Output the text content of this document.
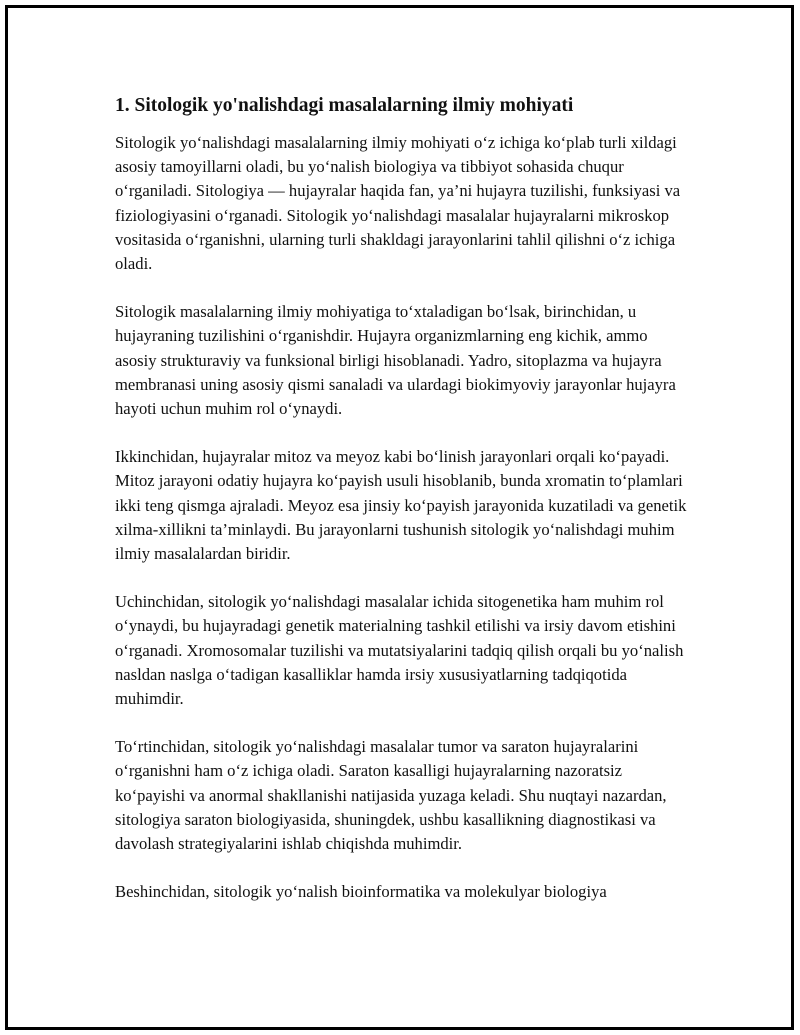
1. Sitologik yo'nalishdagi masalalarning ilmiy mohiyati

Sitologik yo‘nalishdagi masalalarning ilmiy mohiyati o‘z ichiga ko‘plab turli xildagi asosiy tamoyillarni oladi, bu yo‘nalish biologiya va tibbiyot sohasida chuqur o‘rganiladi. Sitologiya — hujayralar haqida fan, ya’ni hujayra tuzilishi, funksiyasi va fiziologiyasini o‘rganadi. Sitologik yo‘nalishdagi masalalar hujayralarni mikroskop vositasida o‘rganishni, ularning turli shakldagi jarayonlarini tahlil qilishni o‘z ichiga oladi.

Sitologik masalalarning ilmiy mohiyatiga to‘xtaladigan bo‘lsak, birinchidan, u hujayraning tuzilishini o‘rganishdir. Hujayra organizmlarning eng kichik, ammo asosiy strukturaviy va funksional birligi hisoblanadi. Yadro, sitoplazma va hujayra membranasi uning asosiy qismi sanaladi va ulardagi biokimyoviy jarayonlar hujayra hayoti uchun muhim rol o‘ynaydi.

Ikkinchidan, hujayralar mitoz va meyoz kabi bo‘linish jarayonlari orqali ko‘payadi. Mitoz jarayoni odatiy hujayra ko‘payish usuli hisoblanib, bunda xromatin to‘plamlari ikki teng qismga ajraladi. Meyoz esa jinsiy ko‘payish jarayonida kuzatiladi va genetik xilma-xillikni ta’minlaydi. Bu jarayonlarni tushunish sitologik yo‘nalishdagi muhim ilmiy masalalardan biridir.

Uchinchidan, sitologik yo‘nalishdagi masalalar ichida sitogenetika ham muhim rol o‘ynaydi, bu hujayradagi genetik materialning tashkil etilishi va irsiy davom etishini o‘rganadi. Xromosomalar tuzilishi va mutatsiyalarini tadqiq qilish orqali bu yo‘nalish nasldan naslga o‘tadigan kasalliklar hamda irsiy xususiyatlarning tadqiqotida muhimdir.

To‘rtinchidan, sitologik yo‘nalishdagi masalalar tumor va saraton hujayralarini o‘rganishni ham o‘z ichiga oladi. Saraton kasalligi hujayralarning nazoratsiz ko‘payishi va anormal shakllanishi natijasida yuzaga keladi. Shu nuqtayi nazardan, sitologiya saraton biologiyasida, shuningdek, ushbu kasallikning diagnostikasi va davolash strategiyalarini ishlab chiqishda muhimdir.

Beshinchidan, sitologik yo‘nalish bioinformatika va molekulyar biologiya
